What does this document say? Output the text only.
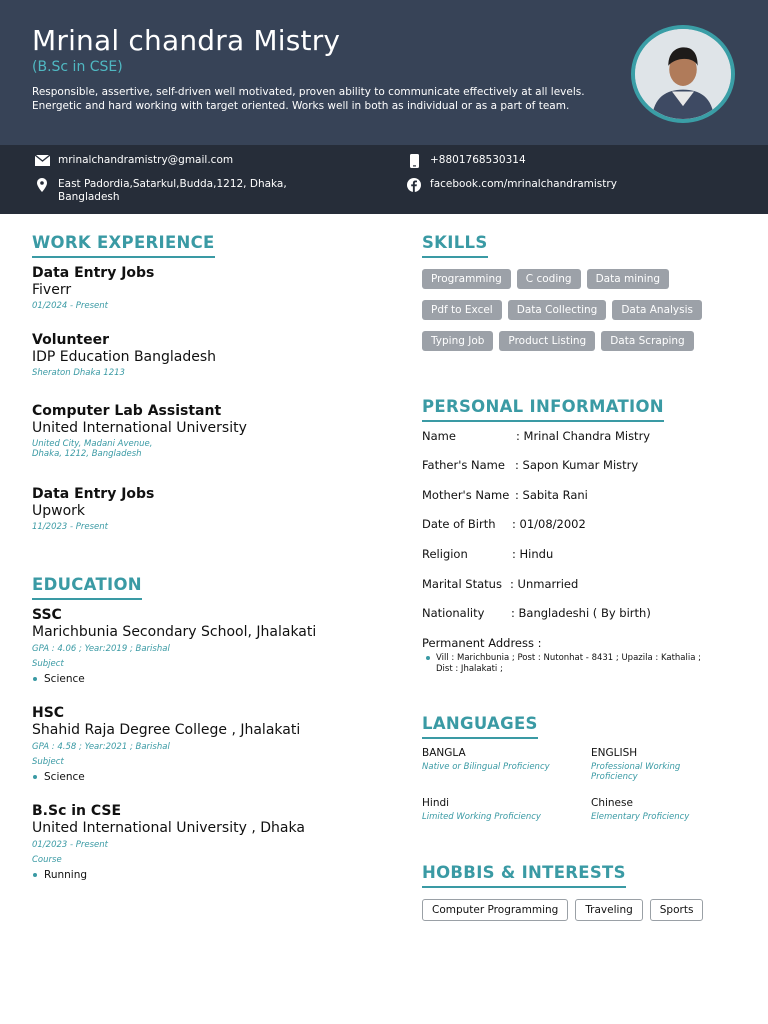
Mrinal chandra Mistry
(B.Sc in CSE)
Responsible, assertive, self-driven well motivated, proven ability to communicate effectively at all levels.
Energetic and hard working with target oriented. Works well in both as individual or as a part of team.
mrinalchandramistry@gmail.com
East Padordia,Satarkul,Budda,1212, Dhaka,
Bangladesh
+8801768530314
facebook.com/mrinalchandramistry
WORK EXPERIENCE
Data Entry Jobs
Fiverr
01/2024 - Present
Volunteer
IDP Education Bangladesh
Sheraton Dhaka 1213
Computer Lab Assistant
United International University
United City, Madani Avenue,
Dhaka, 1212, Bangladesh
Data Entry Jobs
Upwork
11/2023 - Present
EDUCATION
SSC
Marichbunia Secondary School, Jhalakati
GPA : 4.06 ; Year:2019 ; Barishal
Subject
Science
HSC
Shahid Raja Degree College , Jhalakati
GPA : 4.58 ; Year:2021 ; Barishal
Subject
Science
B.Sc in CSE
United International University , Dhaka
01/2023 - Present
Course
Running
SKILLS
Programming	C coding	Data mining
Pdf to Excel	Data Collecting	Data Analysis
Typing Job	Product Listing	Data Scraping
PERSONAL INFORMATION
Name	: Mrinal Chandra Mistry
Father's Name : Sapon Kumar Mistry
Mother's Name : Sabita Rani
Date of Birth : 01/08/2002
Religion	: Hindu
Marital Status : Unmarried
Nationality : Bangladeshi ( By birth)
Permanent Address :
Vill : Marichbunia ; Post : Nutonhat - 8431 ; Upazila : Kathalia ;
Dist : Jhalakati ;
LANGUAGES
BANGLA
Native or Bilingual Proficiency
ENGLISH
Professional Working
Proficiency
Hindi
Limited Working Proficiency
Chinese
Elementary Proficiency
HOBBIS & INTERESTS
Computer Programming	Traveling	Sports
